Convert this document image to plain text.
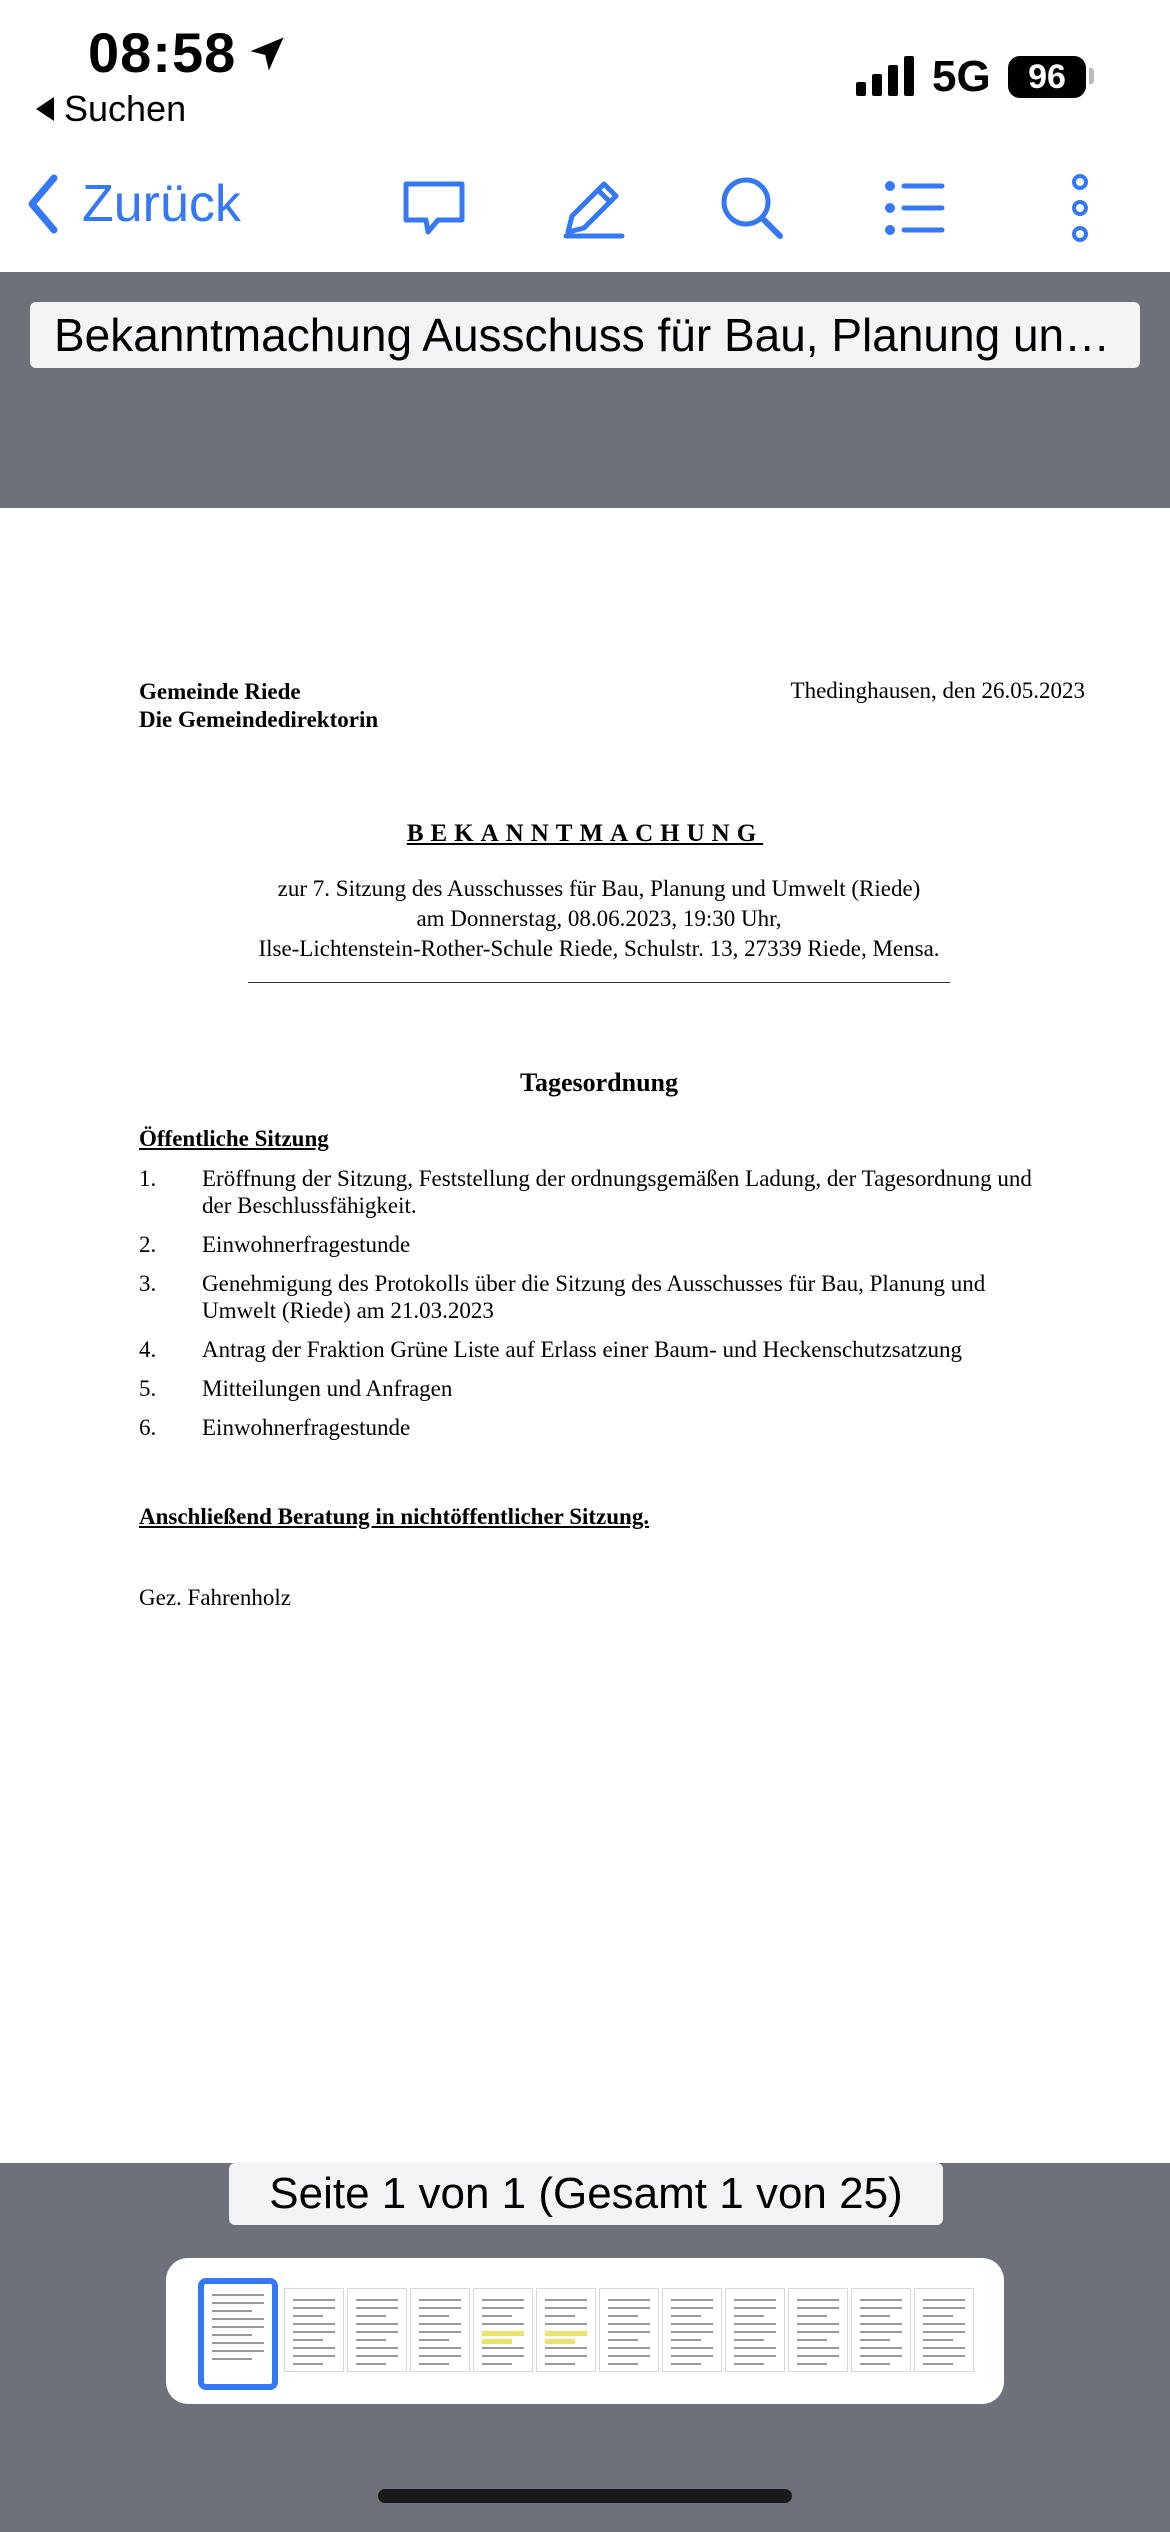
08:58
Suchen
5G 96
Zurück
Bekanntmachung Ausschuss für Bau, Planung un…
Gemeinde Riede
Die Gemeindedirektorin
Thedinghausen, den 26.05.2023
BEKANNTMACHUNG
zur 7. Sitzung des Ausschusses für Bau, Planung und Umwelt (Riede)
am Donnerstag, 08.06.2023, 19:30 Uhr,
Ilse-Lichtenstein-Rother-Schule Riede, Schulstr. 13, 27339 Riede, Mensa.
Tagesordnung
Öffentliche Sitzung
1.	Eröffnung der Sitzung, Feststellung der ordnungsgemäßen Ladung, der Tagesordnung und der Beschlussfähigkeit.
2.	Einwohnerfragestunde
3.	Genehmigung des Protokolls über die Sitzung des Ausschusses für Bau, Planung und Umwelt (Riede) am 21.03.2023
4.	Antrag der Fraktion Grüne Liste auf Erlass einer Baum- und Heckenschutzsatzung
5.	Mitteilungen und Anfragen
6.	Einwohnerfragestunde
Anschließend Beratung in nichtöffentlicher Sitzung.
Gez. Fahrenholz
Seite 1 von 1 (Gesamt 1 von 25)
